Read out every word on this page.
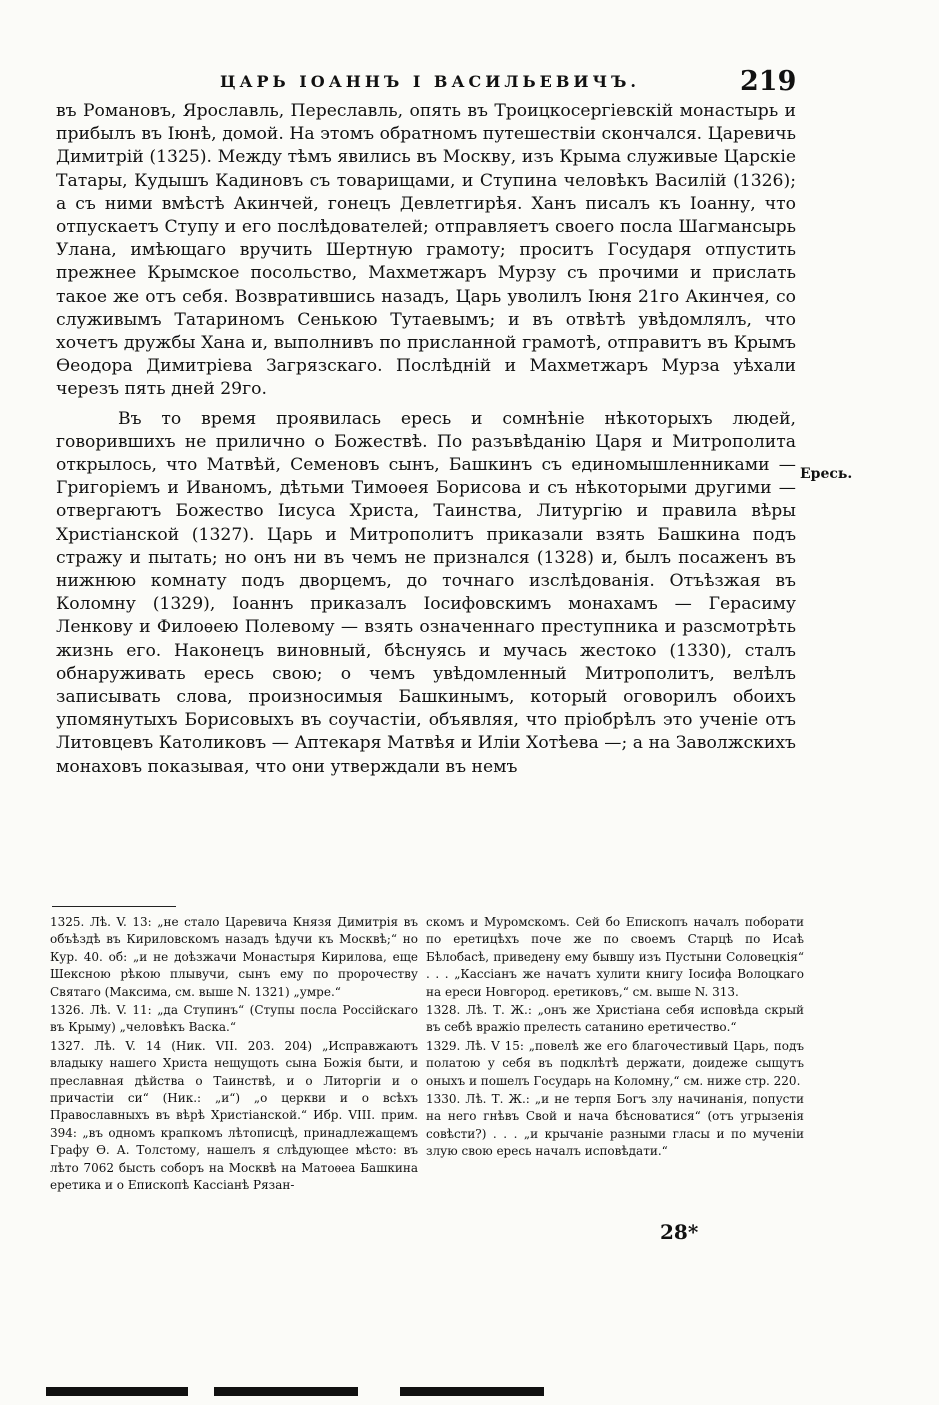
ЦАРЬ ІОАННЪ І ВАСИЛЬЕВИЧЪ.	219

въ Романовъ, Ярославль, Переславль, опять въ Троицкосергіевскій монастырь и прибылъ въ Іюнѣ, домой. На этомъ обратномъ путешествіи скончался. Царевичь Димитрій (1325). Между тѣмъ явились въ Москву, изъ Крыма служивые Царскіе Татары, Кудышъ Кадиновъ съ товарищами, и Ступина человѣкъ Василій (1326); а съ ними вмѣстѣ Акинчей, гонецъ Девлетгирѣя. Ханъ писалъ къ Іоанну, что отпускаетъ Ступу и его послѣдователей; отправляетъ своего посла Шагмансырь Улана, имѣющаго вручить Шертную грамоту; проситъ Государя отпустить прежнее Крымское посольство, Махметжаръ Мурзу съ прочими и прислать такое же отъ себя. Возвратившись назадъ, Царь уволилъ Іюня 21го Акинчея, со служивымъ Татариномъ Сенькою Тутаевымъ; и въ отвѣтѣ увѣдомлялъ, что хочетъ дружбы Хана и, выполнивъ по присланной грамотѣ, отправитъ въ Крымъ Ѳеодора Димитріева Загрязскаго. Послѣдній и Махметжаръ Мурза уѣхали черезъ пять дней 29го.

Въ то время проявилась ересь и сомнѣніе нѣкоторыхъ людей, говорившихъ не прилично о Божествѣ. По разъвѣданію Царя и Митрополита открылось, что Матвѣй, Семеновъ сынъ, Башкинъ съ единомышленниками — Григоріемъ и Иваномъ, дѣтьми Тимоѳея Борисова и съ нѣкоторыми другими — отвергаютъ Божество Іисуса Христа, Таинства, Литургію и правила вѣры Христіанской (1327). Царь и Митрополитъ приказали взять Башкина подъ стражу и пытать; но онъ ни въ чемъ не признался (1328) и, былъ посаженъ въ нижнюю комнату подъ дворцемъ, до точнаго изслѣдованія. Отъѣзжая въ Коломну (1329), Іоаннъ приказалъ Іосифовскимъ монахамъ — Герасиму Ленкову и Филоѳею Полевому — взять означеннаго преступника и разсмотрѣть жизнь его. Наконецъ виновный, бѣснуясь и мучась жестоко (1330), сталъ обнаруживать ересь свою; о чемъ увѣдомленный Митрополитъ, велѣлъ записывать слова, произносимыя Башкинымъ, который оговорилъ обоихъ упомянутыхъ Борисовыхъ въ соучастіи, объявляя, что пріобрѣлъ это ученіе отъ Литовцевъ Католиковъ — Аптекаря Матвѣя и Иліи Хотѣева —; а на Заволжскихъ монаховъ показывая, что они утверждали въ немъ

Ересь.

1325. Лѣ. V. 13: „не стало Царевича Князя Димитрія въ объѣздѣ въ Кириловскомъ назадъ ѣдучи къ Москвѣ;“ но Кур. 40. об: „и не доѣзжачи Монастыря Кирилова, еще Шексною рѣкою плывучи, сынъ ему по пророчеству Святаго (Максима, см. выше N. 1321) „умре.“

1326. Лѣ. V. 11: „да Ступинъ“ (Ступы посла Россійскаго въ Крыму) „человѣкъ Васка.“

1327. Лѣ. V. 14 (Ник. VII. 203. 204) „Исправжаютъ владыку нашего Христа нещущоть сына Божія быти, и преславная дѣйства о Таинствѣ, и о Литоргіи и о причастіи си“ (Ник.: „и“) „о церкви и о всѣхъ Православныхъ въ вѣрѣ Христіанской.“ Ибр. VIII. прим. 394: „въ одномъ крапкомъ лѣтописцѣ, принадлежащемъ Графу Ѳ. А. Толстому, нашелъ я слѣдующее мѣсто: въ лѣто 7062 бысть соборъ на Москвѣ на Матоѳеа Башкина еретика и о Епископѣ Кассіанѣ Рязан-

скомъ и Муромскомъ. Сей бо Епископъ началъ поборати по еретицѣхъ поче же по своемъ Старцѣ по Исаѣ Бѣлобасѣ, приведену ему бывшу изъ Пустыни Соловецкія“ . . . „Кассіанъ же начатъ хулити книгу Іосифа Волоцкаго на ереси Новгород. еретиковъ,“ см. выше N. 313.

1328. Лѣ. Т. Ж.: „онъ же Христіана себя исповѣда скрый въ себѣ вражіо прелесть сатанино еретичество.“

1329. Лѣ. V 15: „повелѣ же его благочестивый Царь, подъ полатою у себя въ подклѣтѣ держати, доидеже сыщутъ оныхъ и пошелъ Государь на Коломну,“ см. ниже стр. 220.

1330. Лѣ. Т. Ж.: „и не терпя Богъ злу начинанія, попусти на него гнѣвъ Свой и нача бѣсноватися“ (отъ угрызенія совѣсти?) . . . „и крычаніе разными гласы и по мученіи злую свою ересь началъ исповѣдати.“

28*
